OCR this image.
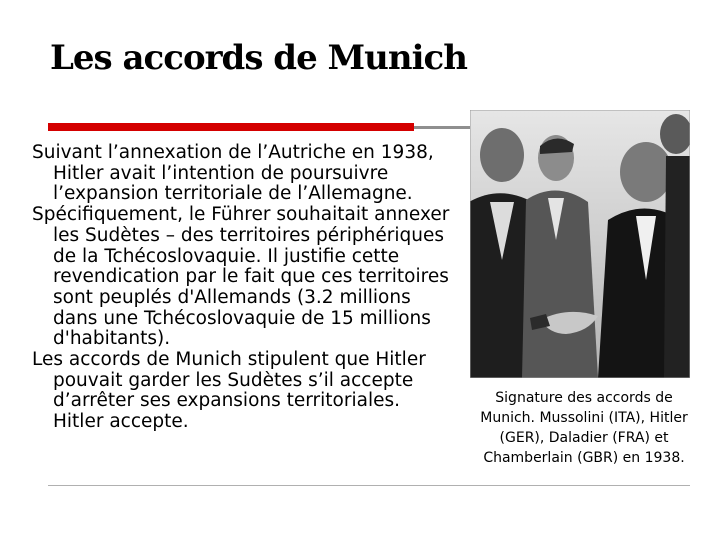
Les accords de Munich

Suivant l’annexation de l’Autriche en 1938, Hitler avait l’intention de poursuivre l’expansion territoriale de l’Allemagne.

Spécifiquement, le Führer souhaitait annexer les Sudètes – des territoires périphériques de la Tchécoslovaquie. Il justifie cette revendication par le fait que ces territoires sont peuplés d'Allemands (3.2 millions dans une Tchécoslovaquie de 15 millions d'habitants).

Les accords de Munich stipulent que Hitler pouvait garder les Sudètes s’il accepte d’arrêter ses expansions territoriales. Hitler accepte.

Signature des accords de Munich. Mussolini (ITA), Hitler (GER), Daladier (FRA) et Chamberlain (GBR) en 1938.
